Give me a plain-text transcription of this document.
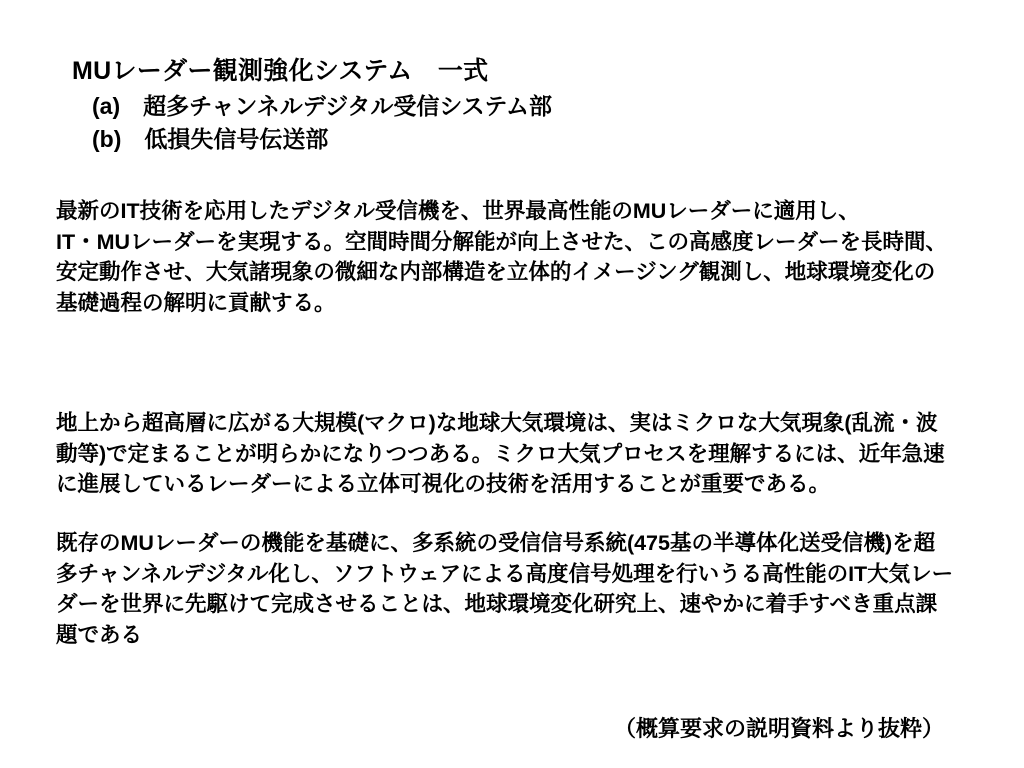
MUレーダー観測強化システム　一式
(a)　超多チャンネルデジタル受信システム部
(b)　低損失信号伝送部

最新のIT技術を応用したデジタル受信機を、世界最高性能のMUレーダーに適用し、

IT・MUレーダーを実現する。空間時間分解能が向上させた、この高感度レーダーを長時間、安定動作させ、大気諸現象の微細な内部構造を立体的イメージング観測し、地球環境変化の基礎過程の解明に貢献する。

地上から超高層に広がる大規模(マクロ)な地球大気環境は、実はミクロな大気現象(乱流・波動等)で定まることが明らかになりつつある。ミクロ大気プロセスを理解するには、近年急速に進展しているレーダーによる立体可視化の技術を活用することが重要である。

既存のMUレーダーの機能を基礎に、多系統の受信信号系統(475基の半導体化送受信機)を超多チャンネルデジタル化し、ソフトウェアによる高度信号処理を行いうる高性能のIT大気レーダーを世界に先駆けて完成させることは、地球環境変化研究上、速やかに着手すべき重点課題である

（概算要求の説明資料より抜粋）
